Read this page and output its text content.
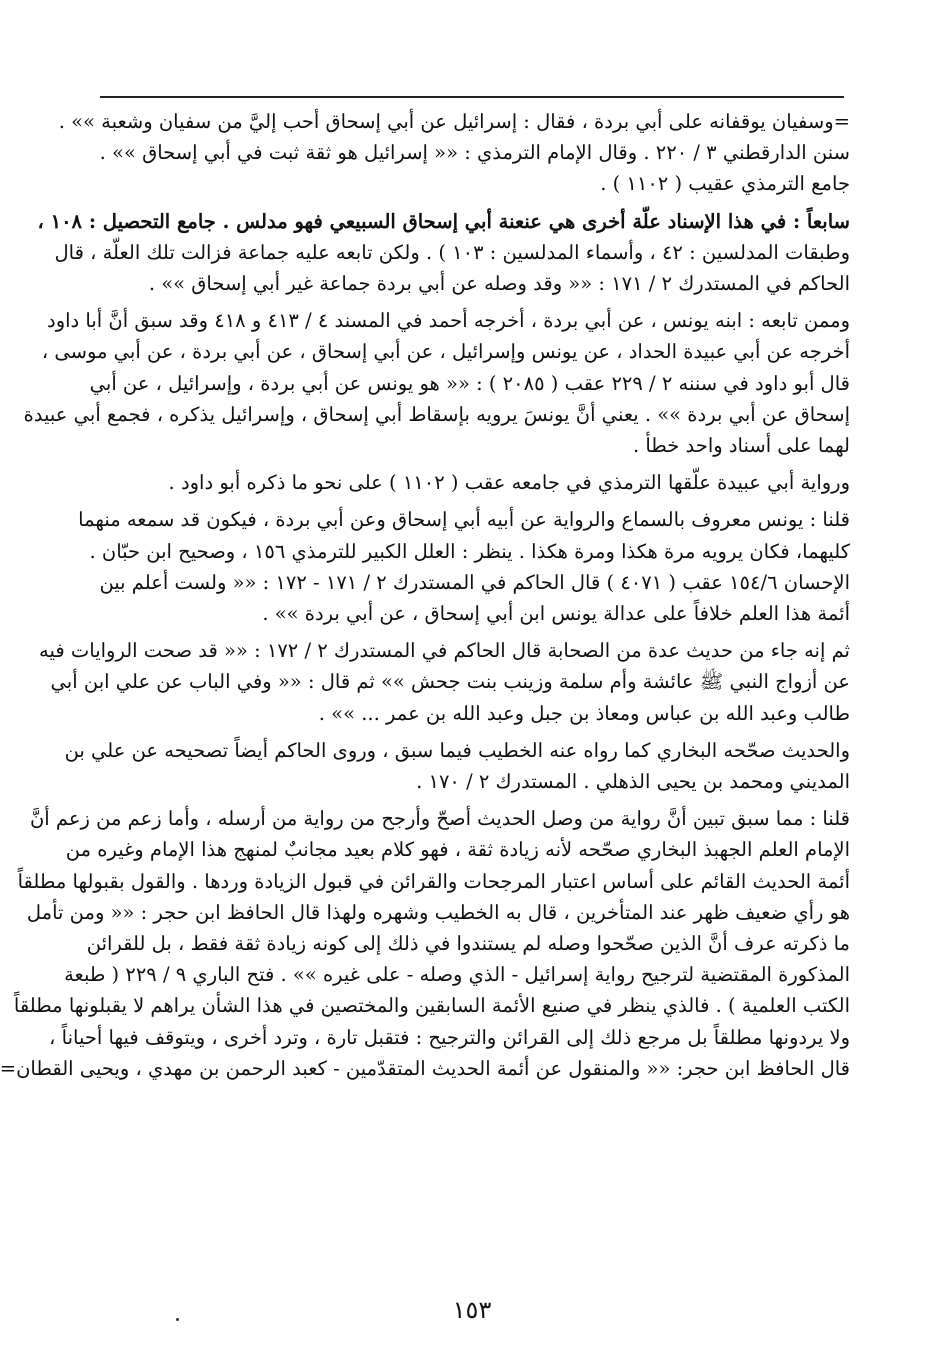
=وسفيان يوقفانه على أبي بردة ، فقال : إسرائيل عن أبي إسحاق أحب إليَّ من سفيان وشعبة »» .
سنن الدارقطني ٣ / ٢٢٠ . وقال الإمام الترمذي : «« إسرائيل هو ثقة ثبت في أبي إسحاق »» .
جامع الترمذي عقيب ( ١١٠٢ ) .
سابعاً : في هذا الإسناد علّة أخرى هي عنعنة أبي إسحاق السبيعي فهو مدلس . جامع التحصيل : ١٠٨ ،
وطبقات المدلسين : ٤٢ ، وأسماء المدلسين : ١٠٣ ) . ولكن تابعه عليه جماعة فزالت تلك العلّة ، قال
الحاكم في المستدرك ٢ / ١٧١ : «« وقد وصله عن أبي بردة جماعة غير أبي إسحاق »» .
وممن تابعه : ابنه يونس ، عن أبي بردة ، أخرجه أحمد في المسند ٤ / ٤١٣ و ٤١٨ وقد سبق أنَّ أبا داود
أخرجه عن أبي عبيدة الحداد ، عن يونس وإسرائيل ، عن أبي إسحاق ، عن أبي بردة ، عن أبي موسى ،
قال أبو داود في سننه ٢ / ٢٢٩ عقب ( ٢٠٨٥ ) : «« هو يونس عن أبي بردة ، وإسرائيل ، عن أبي
إسحاق عن أبي بردة »» . يعني أنَّ يونسَ يرويه بإسقاط أبي إسحاق ، وإسرائيل يذكره ، فجمع أبي عبيدة
لهما على أسناد واحد خطأ .
ورواية أبي عبيدة علّقها الترمذي في جامعه عقب ( ١١٠٢ ) على نحو ما ذكره أبو داود .
قلنا : يونس معروف بالسماع والرواية عن أبيه أبي إسحاق وعن أبي بردة ، فيكون قد سمعه منهما
كليهما، فكان يرويه مرة هكذا ومرة هكذا . ينظر : العلل الكبير للترمذي ١٥٦ ، وصحيح ابن حبّان .
الإحسان ١٥٤/٦ عقب ( ٤٠٧١ ) قال الحاكم في المستدرك ٢ / ١٧١ - ١٧٢ : «« ولست أعلم بين
أئمة هذا العلم خلافاً على عدالة يونس ابن أبي إسحاق ، عن أبي بردة »» .
ثم إنه جاء من حديث عدة من الصحابة قال الحاكم في المستدرك ٢ / ١٧٢ : «« قد صحت الروايات فيه
عن أزواج النبي ﷺ عائشة وأم سلمة وزينب بنت جحش »» ثم قال : «« وفي الباب عن علي ابن أبي
طالب وعبد الله بن عباس ومعاذ بن جبل وعبد الله بن عمر ... »» .
والحديث صحّحه البخاري كما رواه عنه الخطيب فيما سبق ، وروى الحاكم أيضاً تصحيحه عن علي بن
المديني ومحمد بن يحيى الذهلي . المستدرك ٢ / ١٧٠ .
قلنا : مما سبق تبين أنَّ رواية من وصل الحديث أصحّ وأرجح من رواية من أرسله ، وأما زعم من زعم أنَّ
الإمام العلم الجهبذ البخاري صحّحه لأنه زيادة ثقة ، فهو كلام بعيد مجانبٌ لمنهج هذا الإمام وغيره من
أئمة الحديث القائم على أساس اعتبار المرجحات والقرائن في قبول الزيادة وردها . والقول بقبولها مطلقاً
هو رأي ضعيف ظهر عند المتأخرين ، قال به الخطيب وشهره ولهذا قال الحافظ ابن حجر : «« ومن تأمل
ما ذكرته عرف أنَّ الذين صحّحوا وصله لم يستندوا في ذلك إلى كونه زيادة ثقة فقط ، بل للقرائن
المذكورة المقتضية لترجيح رواية إسرائيل - الذي وصله - على غيره »» . فتح الباري ٩ / ٢٢٩ ( طبعة
الكتب العلمية ) . فالذي ينظر في صنيع الأئمة السابقين والمختصين في هذا الشأن يراهم لا يقبلونها مطلقاً
ولا يردونها مطلقاً بل مرجع ذلك إلى القرائن والترجيح : فتقبل تارة ، وترد أخرى ، ويتوقف فيها أحياناً ،
قال الحافظ ابن حجر: «« والمنقول عن أئمة الحديث المتقدّمين - كعبد الرحمن بن مهدي ، ويحيى القطان=
١٥٣
